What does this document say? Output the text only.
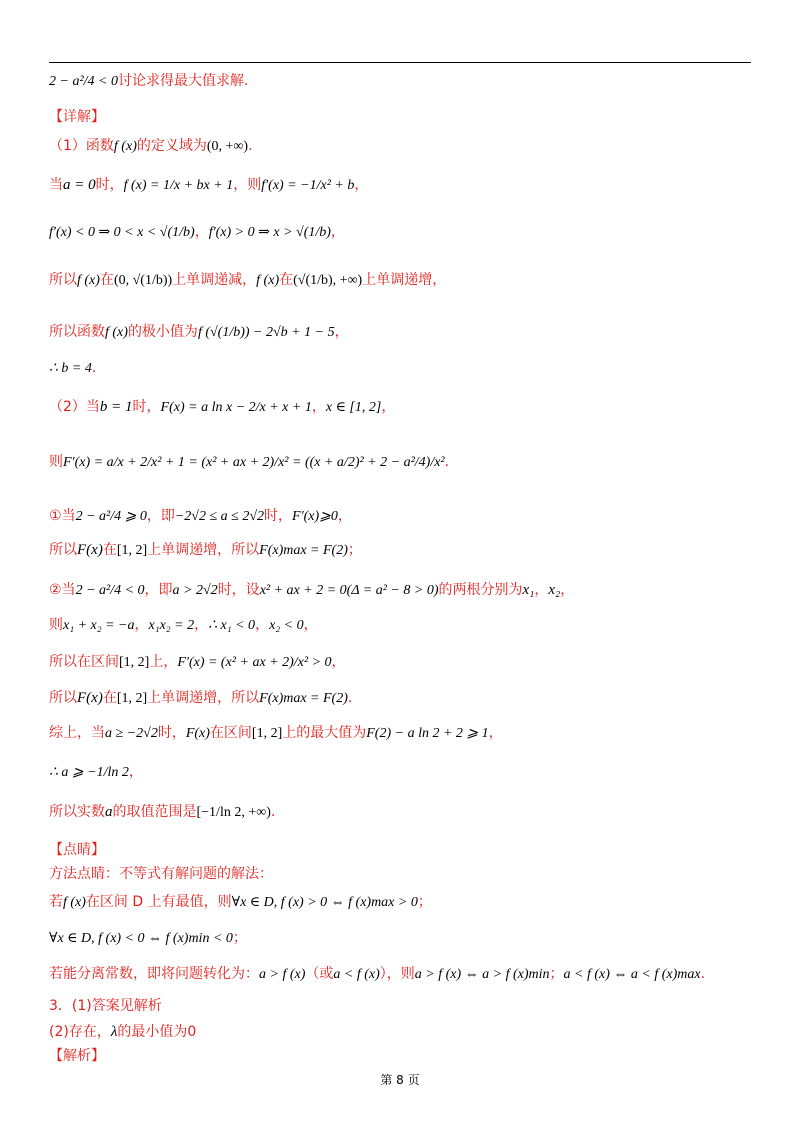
2 − a²/4 < 0讨论求得最大值求解.
【详解】
（1）函数f (x)的定义域为(0, +∞).
当a = 0时，f (x) = 1/x + bx + 1，则f′(x) = −1/x² + b，
f′(x) < 0 ⇒ 0 < x < √(1/b)，f′(x) > 0 ⇒ x > √(1/b)，
所以f (x)在(0, √(1/b))上单调递减，f (x)在(√(1/b), +∞)上单调递增，
所以函数f (x)的极小值为f (√(1/b)) − 2√b + 1 − 5，
∴ b = 4.
（2）当b = 1时，F(x) = a ln x − 2/x + x + 1，x ∈ [1, 2]，
则F′(x) = a/x + 2/x² + 1 = (x² + ax + 2)/x² = ((x + a/2)² + 2 − a²/4)/x².
①当2 − a²/4 ⩾ 0，即−2√2 ≤ a ≤ 2√2时，F′(x)⩾0，
所以F(x)在[1, 2]上单调递增，所以F(x)max = F(2)；
②当2 − a²/4 < 0，即a > 2√2时，设x² + ax + 2 = 0(Δ = a² − 8 > 0)的两根分别为x₁，x₂，
则x₁ + x₂ = −a，x₁x₂ = 2，∴ x₁ < 0，x₂ < 0，
所以在区间[1, 2]上，F′(x) = (x² + ax + 2)/x² > 0，
所以F(x)在[1, 2]上单调递增，所以F(x)max = F(2).
综上，当a ≥ −2√2时，F(x)在区间[1, 2]上的最大值为F(2) − a ln 2 + 2 ⩾ 1，
∴ a ⩾ −1/ln 2，
所以实数a的取值范围是[−1/ln 2, +∞).
【点睛】
方法点睛：不等式有解问题的解法：
若f (x)在区间 D 上有最值，则∀x ∈ D, f (x) > 0 ⇔ f (x)max > 0；
∀x ∈ D, f (x) < 0 ⇔ f (x)min < 0；
若能分离常数，即将问题转化为：a > f (x)（或a < f (x)），则a > f (x) ⇔ a > f (x)min；a < f (x) ⇔ a < f (x)max.
3．(1)答案见解析
(2)存在，λ的最小值为0
【解析】
第 8 页
